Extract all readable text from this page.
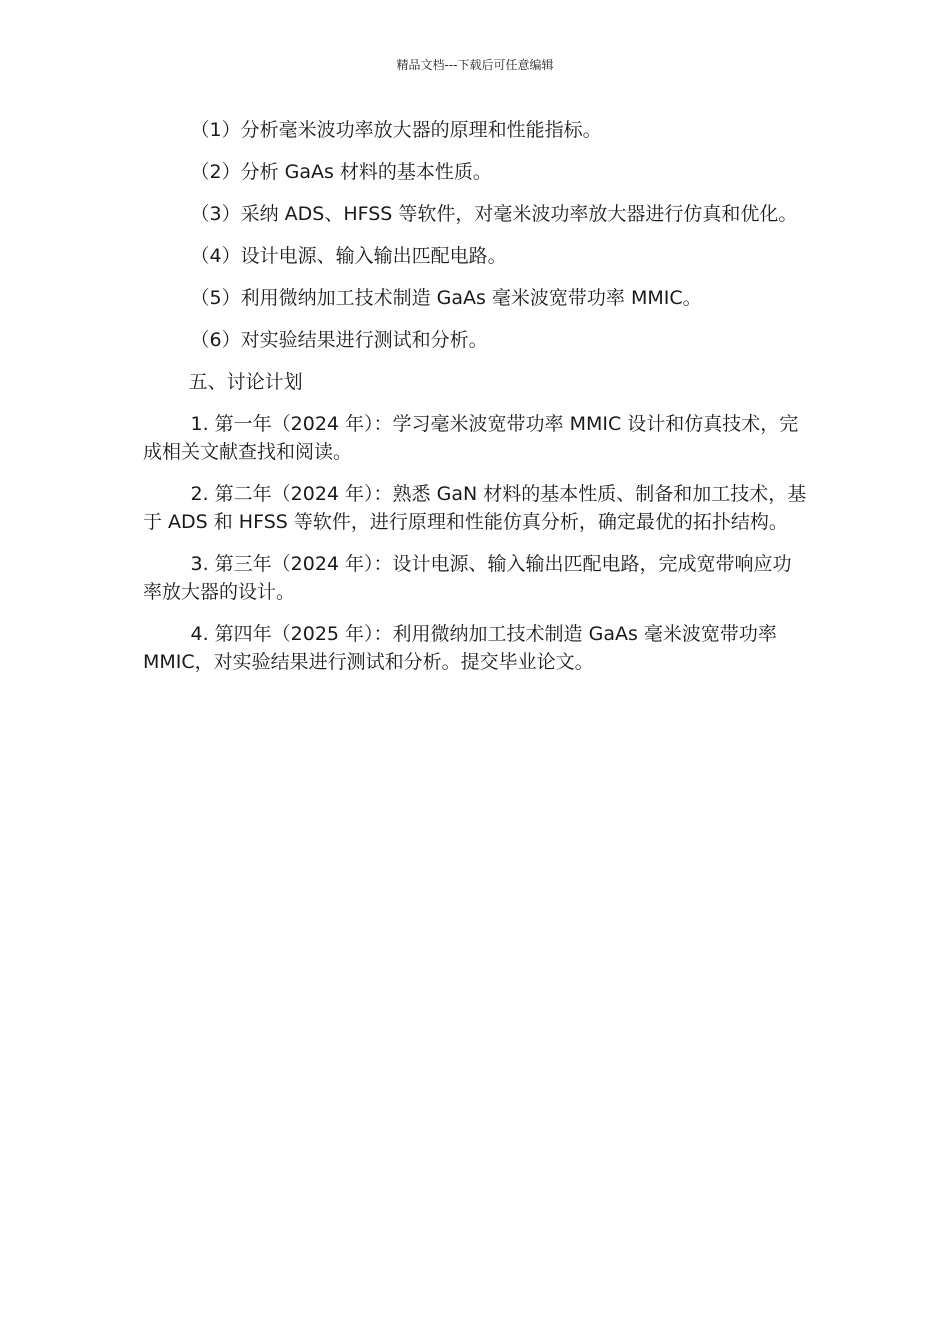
精品文档---下载后可任意编辑

（1）分析毫米波功率放大器的原理和性能指标。

（2）分析 GaAs 材料的基本性质。

（3）采纳 ADS、HFSS 等软件，对毫米波功率放大器进行仿真和优化。

（4）设计电源、输入输出匹配电路。

（5）利用微纳加工技术制造 GaAs 毫米波宽带功率 MMIC。

（6）对实验结果进行测试和分析。

五、讨论计划

1. 第一年（2024 年）：学习毫米波宽带功率 MMIC 设计和仿真技术，完成相关文献查找和阅读。

2. 第二年（2024 年）：熟悉 GaN 材料的基本性质、制备和加工技术，基于 ADS 和 HFSS 等软件，进行原理和性能仿真分析，确定最优的拓扑结构。

3. 第三年（2024 年）：设计电源、输入输出匹配电路，完成宽带响应功率放大器的设计。

4. 第四年（2025 年）：利用微纳加工技术制造 GaAs 毫米波宽带功率 MMIC，对实验结果进行测试和分析。提交毕业论文。
